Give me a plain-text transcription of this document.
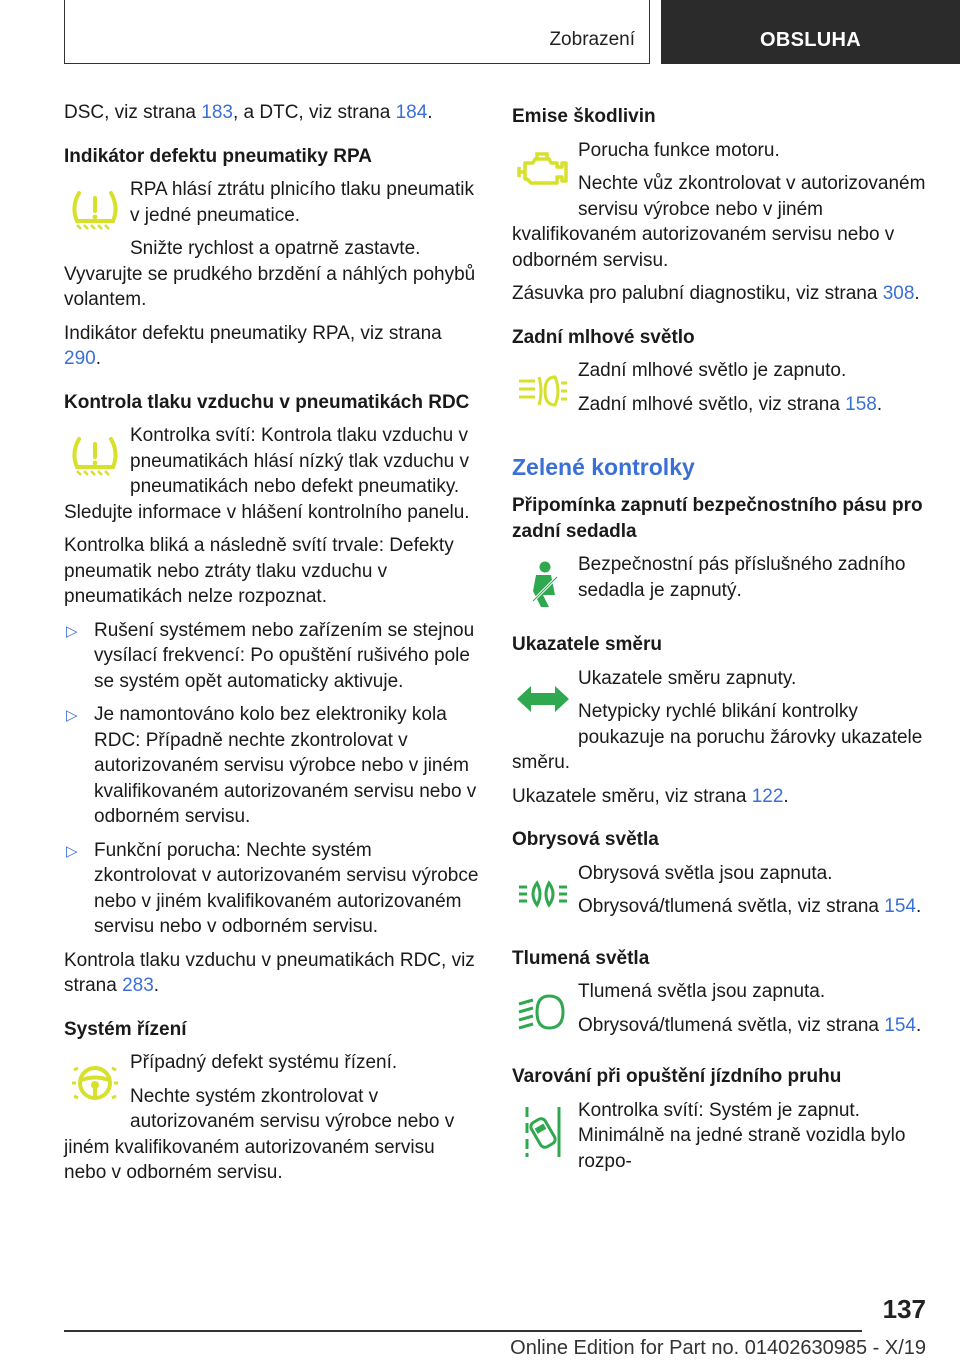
Zobrazení	OBSLUHA

DSC, viz strana 183, a DTC, viz strana 184.

Indikátor defektu pneumatiky RPA

RPA hlásí ztrátu plnicího tlaku pneumatik v jedné pneumatice.

Snižte rychlost a opatrně zastavte. Vyvarujte se prudkého brzdění a náhlých pohybů volantem.

Indikátor defektu pneumatiky RPA, viz strana 290.

Kontrola tlaku vzduchu v pneumatikách RDC

Kontrolka svítí: Kontrola tlaku vzduchu v pneumatikách hlásí nízký tlak vzduchu v pneumatikách nebo defekt pneumatiky. Sledujte informace v hlášení kontrolního panelu.

Kontrolka bliká a následně svítí trvale: Defekty pneumatik nebo ztráty tlaku vzduchu v pneumatikách nelze rozpoznat.

▷ Rušení systémem nebo zařízením se stejnou vysílací frekvencí: Po opuštění rušivého pole se systém opět automaticky aktivuje.
▷ Je namontováno kolo bez elektroniky kola RDC: Případně nechte zkontrolovat v autorizovaném servisu výrobce nebo v jiném kvalifikovaném autorizovaném servisu nebo v odborném servisu.
▷ Funkční porucha: Nechte systém zkontrolovat v autorizovaném servisu výrobce nebo v jiném kvalifikovaném autorizovaném servisu nebo v odborném servisu.

Kontrola tlaku vzduchu v pneumatikách RDC, viz strana 283.

Systém řízení

Případný defekt systému řízení.

Nechte systém zkontrolovat v autorizovaném servisu výrobce nebo v jiném kvalifikovaném autorizovaném servisu nebo v odborném servisu.

Emise škodlivin

Porucha funkce motoru.

Nechte vůz zkontrolovat v autorizovaném servisu výrobce nebo v jiném kvalifikovaném autorizovaném servisu nebo v odborném servisu.

Zásuvka pro palubní diagnostiku, viz strana 308.

Zadní mlhové světlo

Zadní mlhové světlo je zapnuto.

Zadní mlhové světlo, viz strana 158.

Zelené kontrolky
Připomínka zapnutí bezpečnostního pásu pro zadní sedadla

Bezpečnostní pás příslušného zadního sedadla je zapnutý.

Ukazatele směru

Ukazatele směru zapnuty.

Netypicky rychlé blikání kontrolky poukazuje na poruchu žárovky ukazatele směru.

Ukazatele směru, viz strana 122.

Obrysová světla

Obrysová světla jsou zapnuta.

Obrysová/tlumená světla, viz strana 154.

Tlumená světla

Tlumená světla jsou zapnuta.

Obrysová/tlumená světla, viz strana 154.

Varování při opuštění jízdního pruhu

Kontrolka svítí: Systém je zapnut. Minimálně na jedné straně vozidla bylo rozpo-

137
Online Edition for Part no. 01402630985 - X/19
